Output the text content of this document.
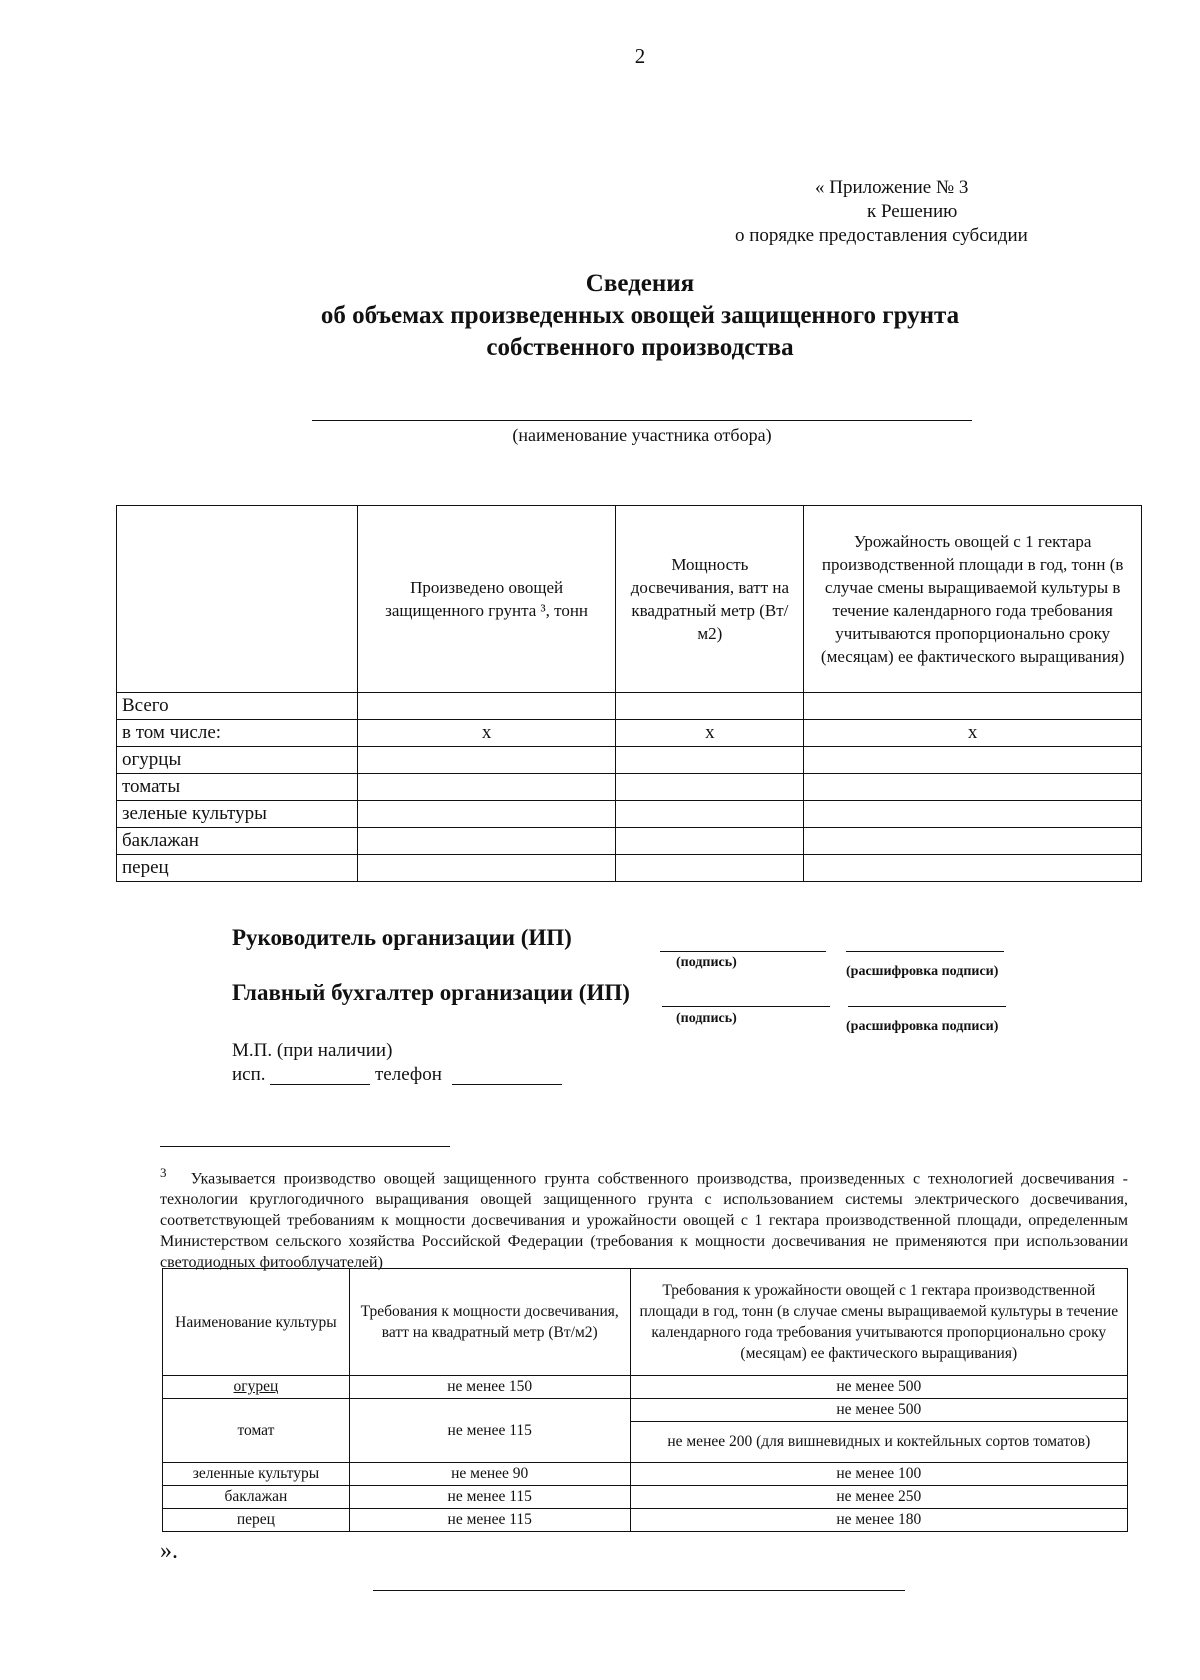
2
« Приложение № 3
к Решению
о порядке предоставления субсидии
Сведения
об объемах произведенных овощей защищенного грунта
собственного производства
(наименование участника отбора)
	Произведено овощей защищенного грунта ³, тонн	Мощность досвечивания, ватт на квадратный метр (Вт/м2)	Урожайность овощей с 1 гектара производственной площади в год, тонн (в случае смены выращиваемой культуры в течение календарного года требования учитываются пропорционально сроку (месяцам) ее фактического выращивания)
Всего			
в том числе:	x	x	x
огурцы			
томаты			
зеленые культуры			
баклажан			
перец			
Руководитель организации (ИП)
(подпись)
(расшифровка подписи)
Главный бухгалтер организации (ИП)
(подпись)
(расшифровка подписи)
М.П. (при наличии)
исп.	телефон
$^3$ Указывается производство овощей защищенного грунта собственного производства, произведенных с технологией досвечивания - технологии круглогодичного выращивания овощей защищенного грунта с использованием системы электрического досвечивания, соответствующей требованиям к мощности досвечивания и урожайности овощей с 1 гектара производственной площади, определенным Министерством сельского хозяйства Российской Федерации (требования к мощности досвечивания не применяются при использовании светодиодных фитооблучателей)
Наименование культуры	Требования к мощности досвечивания, ватт на квадратный метр (Вт/м2)	Требования к урожайности овощей с 1 гектара производственной площади в год, тонн (в случае смены выращиваемой культуры в течение календарного года требования учитываются пропорционально сроку (месяцам) ее фактического выращивания)
огурец	не менее 150	не менее 500
томат	не менее 115	не менее 500
		не менее 200 (для вишневидных и коктейльных сортов томатов)
зеленные культуры	не менее 90	не менее 100
баклажан	не менее 115	не менее 250
перец	не менее 115	не менее 180
».
